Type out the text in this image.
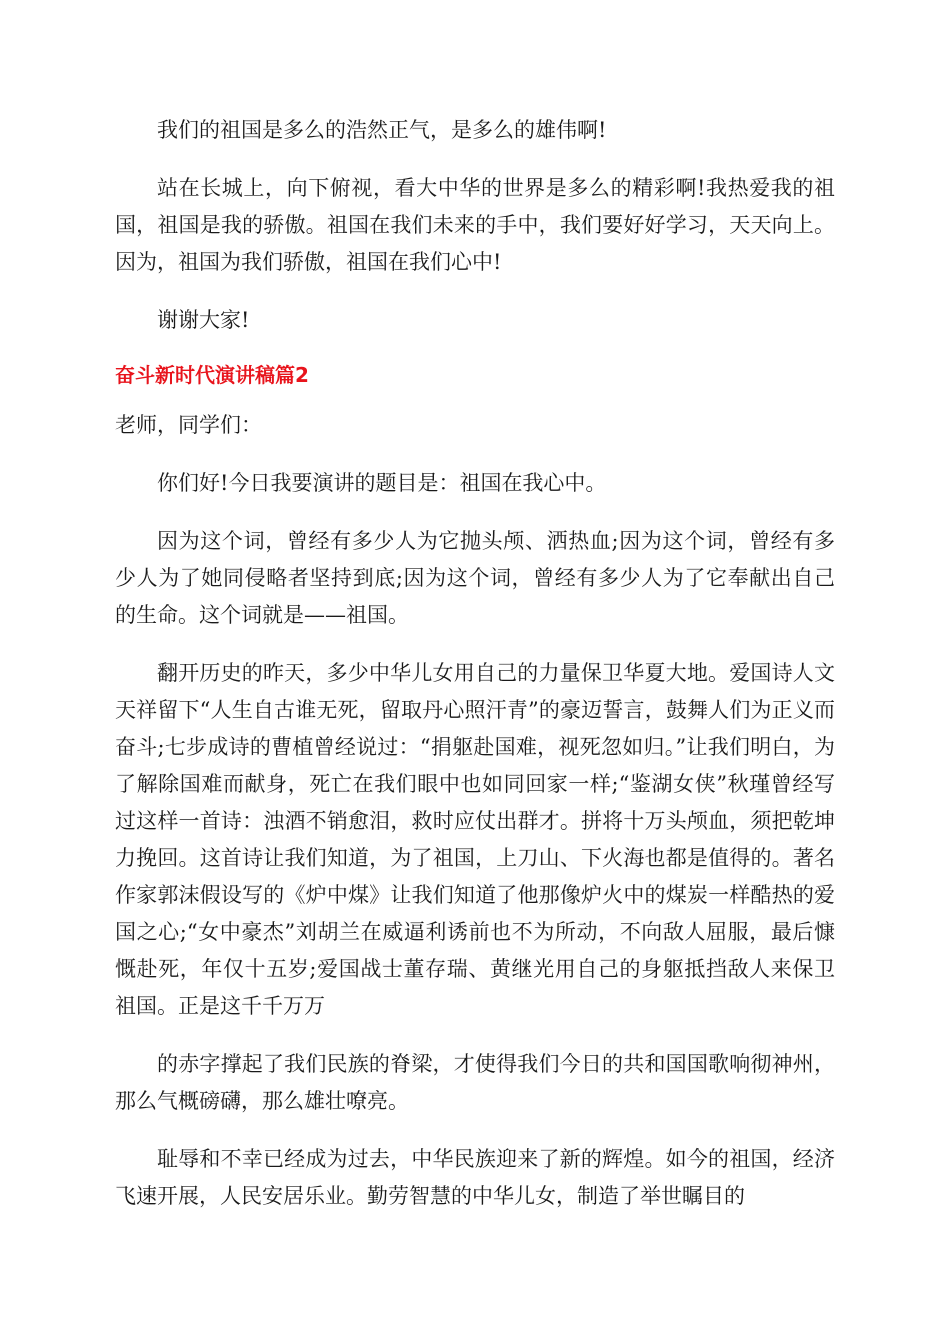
我们的祖国是多么的浩然正气，是多么的雄伟啊!

站在长城上，向下俯视，看大中华的世界是多么的精彩啊!我热爱我的祖国，祖国是我的骄傲。祖国在我们未来的手中，我们要好好学习，天天向上。因为，祖国为我们骄傲，祖国在我们心中!

谢谢大家!

奋斗新时代演讲稿篇2

老师，同学们：

你们好!今日我要演讲的题目是：祖国在我心中。

因为这个词，曾经有多少人为它抛头颅、洒热血;因为这个词，曾经有多少人为了她同侵略者坚持到底;因为这个词，曾经有多少人为了它奉献出自己的生命。这个词就是——祖国。

翻开历史的昨天，多少中华儿女用自己的力量保卫华夏大地。爱国诗人文天祥留下“人生自古谁无死，留取丹心照汗青”的豪迈誓言，鼓舞人们为正义而奋斗;七步成诗的曹植曾经说过：“捐躯赴国难，视死忽如归。”让我们明白，为了解除国难而献身，死亡在我们眼中也如同回家一样;“鉴湖女侠”秋瑾曾经写过这样一首诗：浊酒不销愈泪，救时应仗出群才。拼将十万头颅血，须把乾坤力挽回。这首诗让我们知道，为了祖国，上刀山、下火海也都是值得的。著名作家郭沫假设写的《炉中煤》让我们知道了他那像炉火中的煤炭一样酷热的爱国之心;“女中豪杰”刘胡兰在威逼利诱前也不为所动，不向敌人屈服，最后慷慨赴死，年仅十五岁;爱国战士董存瑞、黄继光用自己的身躯抵挡敌人来保卫祖国。正是这千千万万

的赤字撑起了我们民族的脊梁，才使得我们今日的共和国国歌响彻神州，那么气概磅礴，那么雄壮嘹亮。

耻辱和不幸已经成为过去，中华民族迎来了新的辉煌。如今的祖国，经济飞速开展，人民安居乐业。勤劳智慧的中华儿女，制造了举世瞩目的
